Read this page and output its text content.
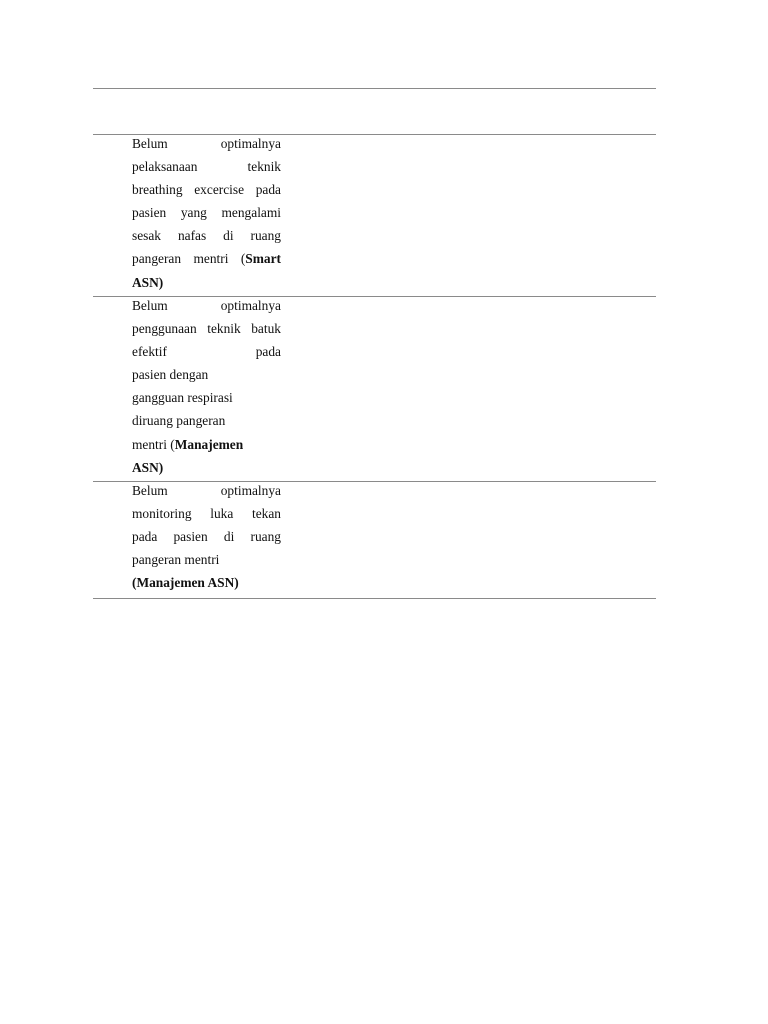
Belum optimalnya
pelaksanaan teknik
breathing excercise pada
pasien yang mengalami
sesak nafas di ruang
pangeran mentri (Smart
ASN)
Belum optimalnya
penggunaan teknik batuk
efektif pada
pasien dengan
gangguan respirasi
diruang pangeran
mentri (Manajemen
ASN)
Belum optimalnya
monitoring luka tekan
pada pasien di ruang
pangeran mentri
(Manajemen ASN)
